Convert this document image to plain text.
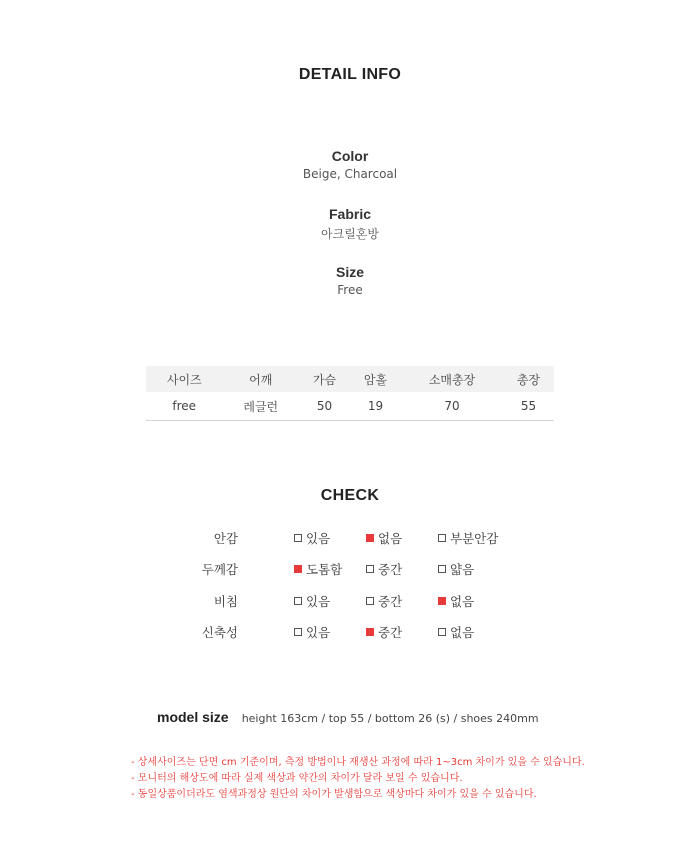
DETAIL INFO
Color
Beige, Charcoal
Fabric
아크릴혼방
Size
Free
사이즈	어깨	가슴	암홀	소매총장	총장
free	레글런	50	19	70	55
CHECK
안감	있음	없음	부분안감
두께감	도톰함	중간	얇음
비침	있음	중간	없음
신축성	있음	중간	없음
model size height 163cm / top 55 / bottom 26 (s) / shoes 240mm
- 상세사이즈는 단면 cm 기준이며, 측정 방법이나 재생산 과정에 따라 1~3cm 차이가 있을 수 있습니다.
- 모니터의 해상도에 따라 실제 색상과 약간의 차이가 달라 보일 수 있습니다.
- 동일상품이더라도 염색과정상 원단의 차이가 발생함으로 색상마다 차이가 있을 수 있습니다.
